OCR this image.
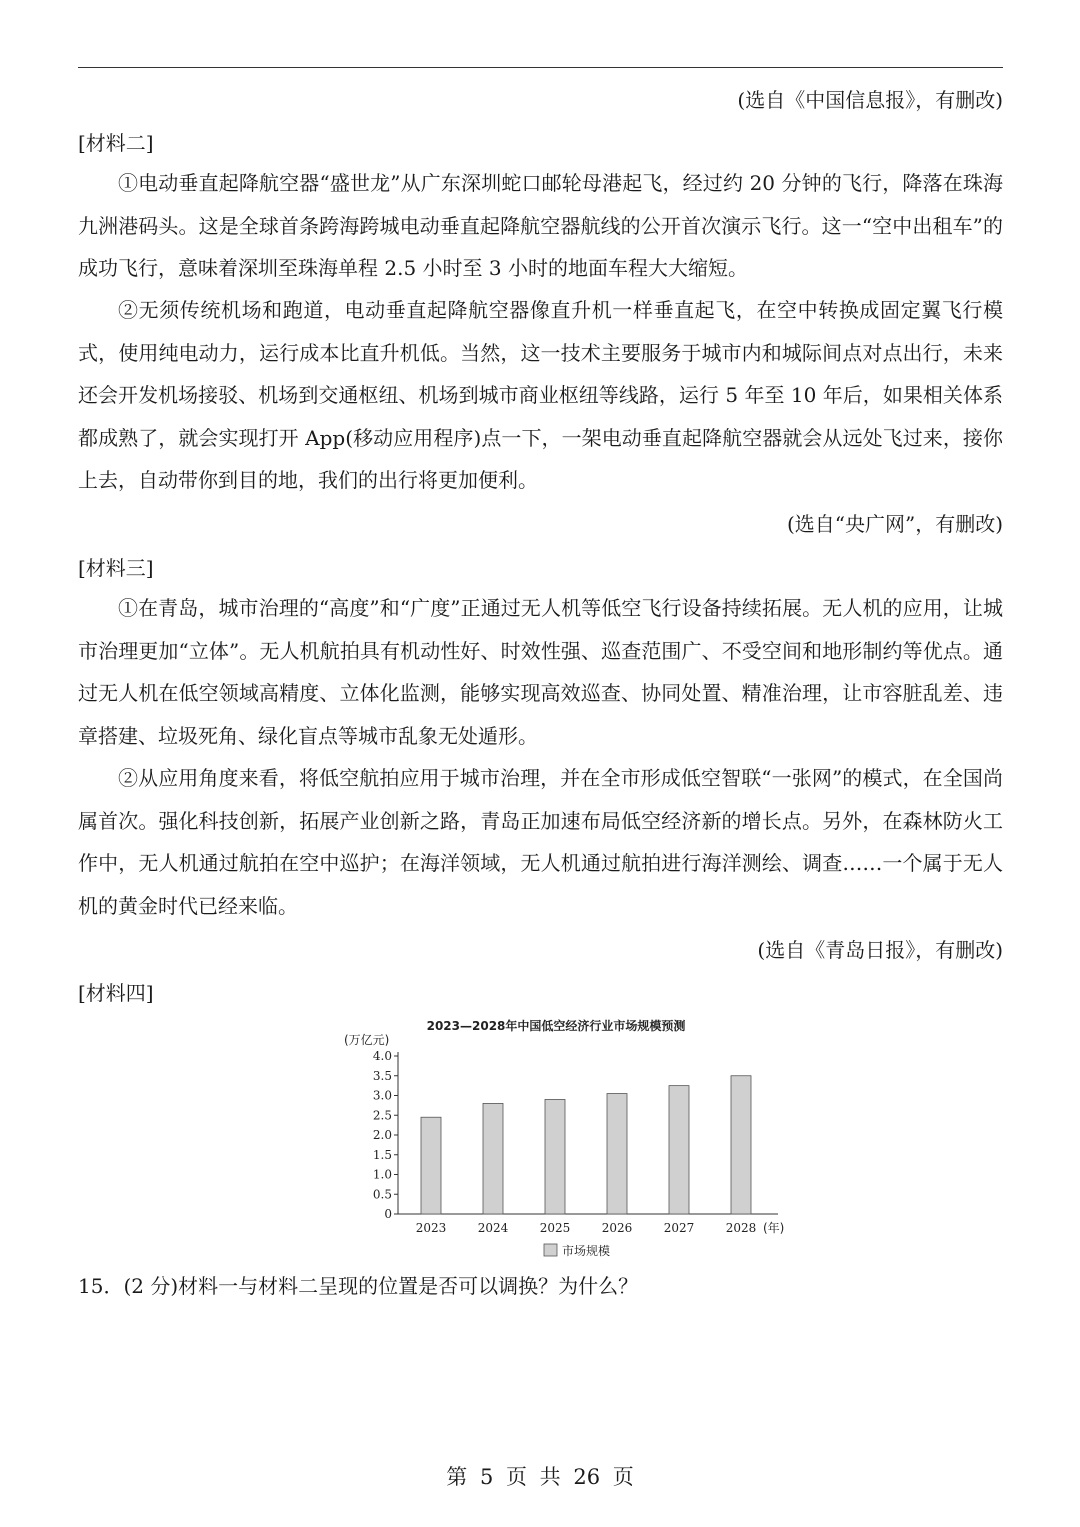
(选自《中国信息报》，有删改)
[材料二]

①电动垂直起降航空器“盛世龙”从广东深圳蛇口邮轮母港起飞，经过约 20 分钟的飞行，降落在珠海九洲港码头。这是全球首条跨海跨城电动垂直起降航空器航线的公开首次演示飞行。这一“空中出租车”的成功飞行，意味着深圳至珠海单程 2.5 小时至 3 小时的地面车程大大缩短。

②无须传统机场和跑道，电动垂直起降航空器像直升机一样垂直起飞，在空中转换成固定翼飞行模式，使用纯电动力，运行成本比直升机低。当然，这一技术主要服务于城市内和城际间点对点出行，未来还会开发机场接驳、机场到交通枢纽、机场到城市商业枢纽等线路，运行 5 年至 10 年后，如果相关体系都成熟了，就会实现打开 App(移动应用程序)点一下，一架电动垂直起降航空器就会从远处飞过来，接你上去，自动带你到目的地，我们的出行将更加便利。

(选自“央广网”，有删改)
[材料三]

①在青岛，城市治理的“高度”和“广度”正通过无人机等低空飞行设备持续拓展。无人机的应用，让城市治理更加“立体”。无人机航拍具有机动性好、时效性强、巡查范围广、不受空间和地形制约等优点。通过无人机在低空领域高精度、立体化监测，能够实现高效巡查、协同处置、精准治理，让市容脏乱差、违章搭建、垃圾死角、绿化盲点等城市乱象无处遁形。

②从应用角度来看，将低空航拍应用于城市治理，并在全市形成低空智联“一张网”的模式，在全国尚属首次。强化科技创新，拓展产业创新之路，青岛正加速布局低空经济新的增长点。另外，在森林防火工作中，无人机通过航拍在空中巡护；在海洋领域，无人机通过航拍进行海洋测绘、调查……一个属于无人机的黄金时代已经来临。

(选自《青岛日报》，有删改)
[材料四]
2023—2028年中国低空经济行业市场规模预测
(万亿元)
0
0.5
1.0
1.5
2.0
2.5
3.0
3.5
4.0
2023	2024	2025	2026	2027	2028 (年)
市场规模
15．(2 分)材料一与材料二呈现的位置是否可以调换？为什么？
第 5 页 共 26 页
